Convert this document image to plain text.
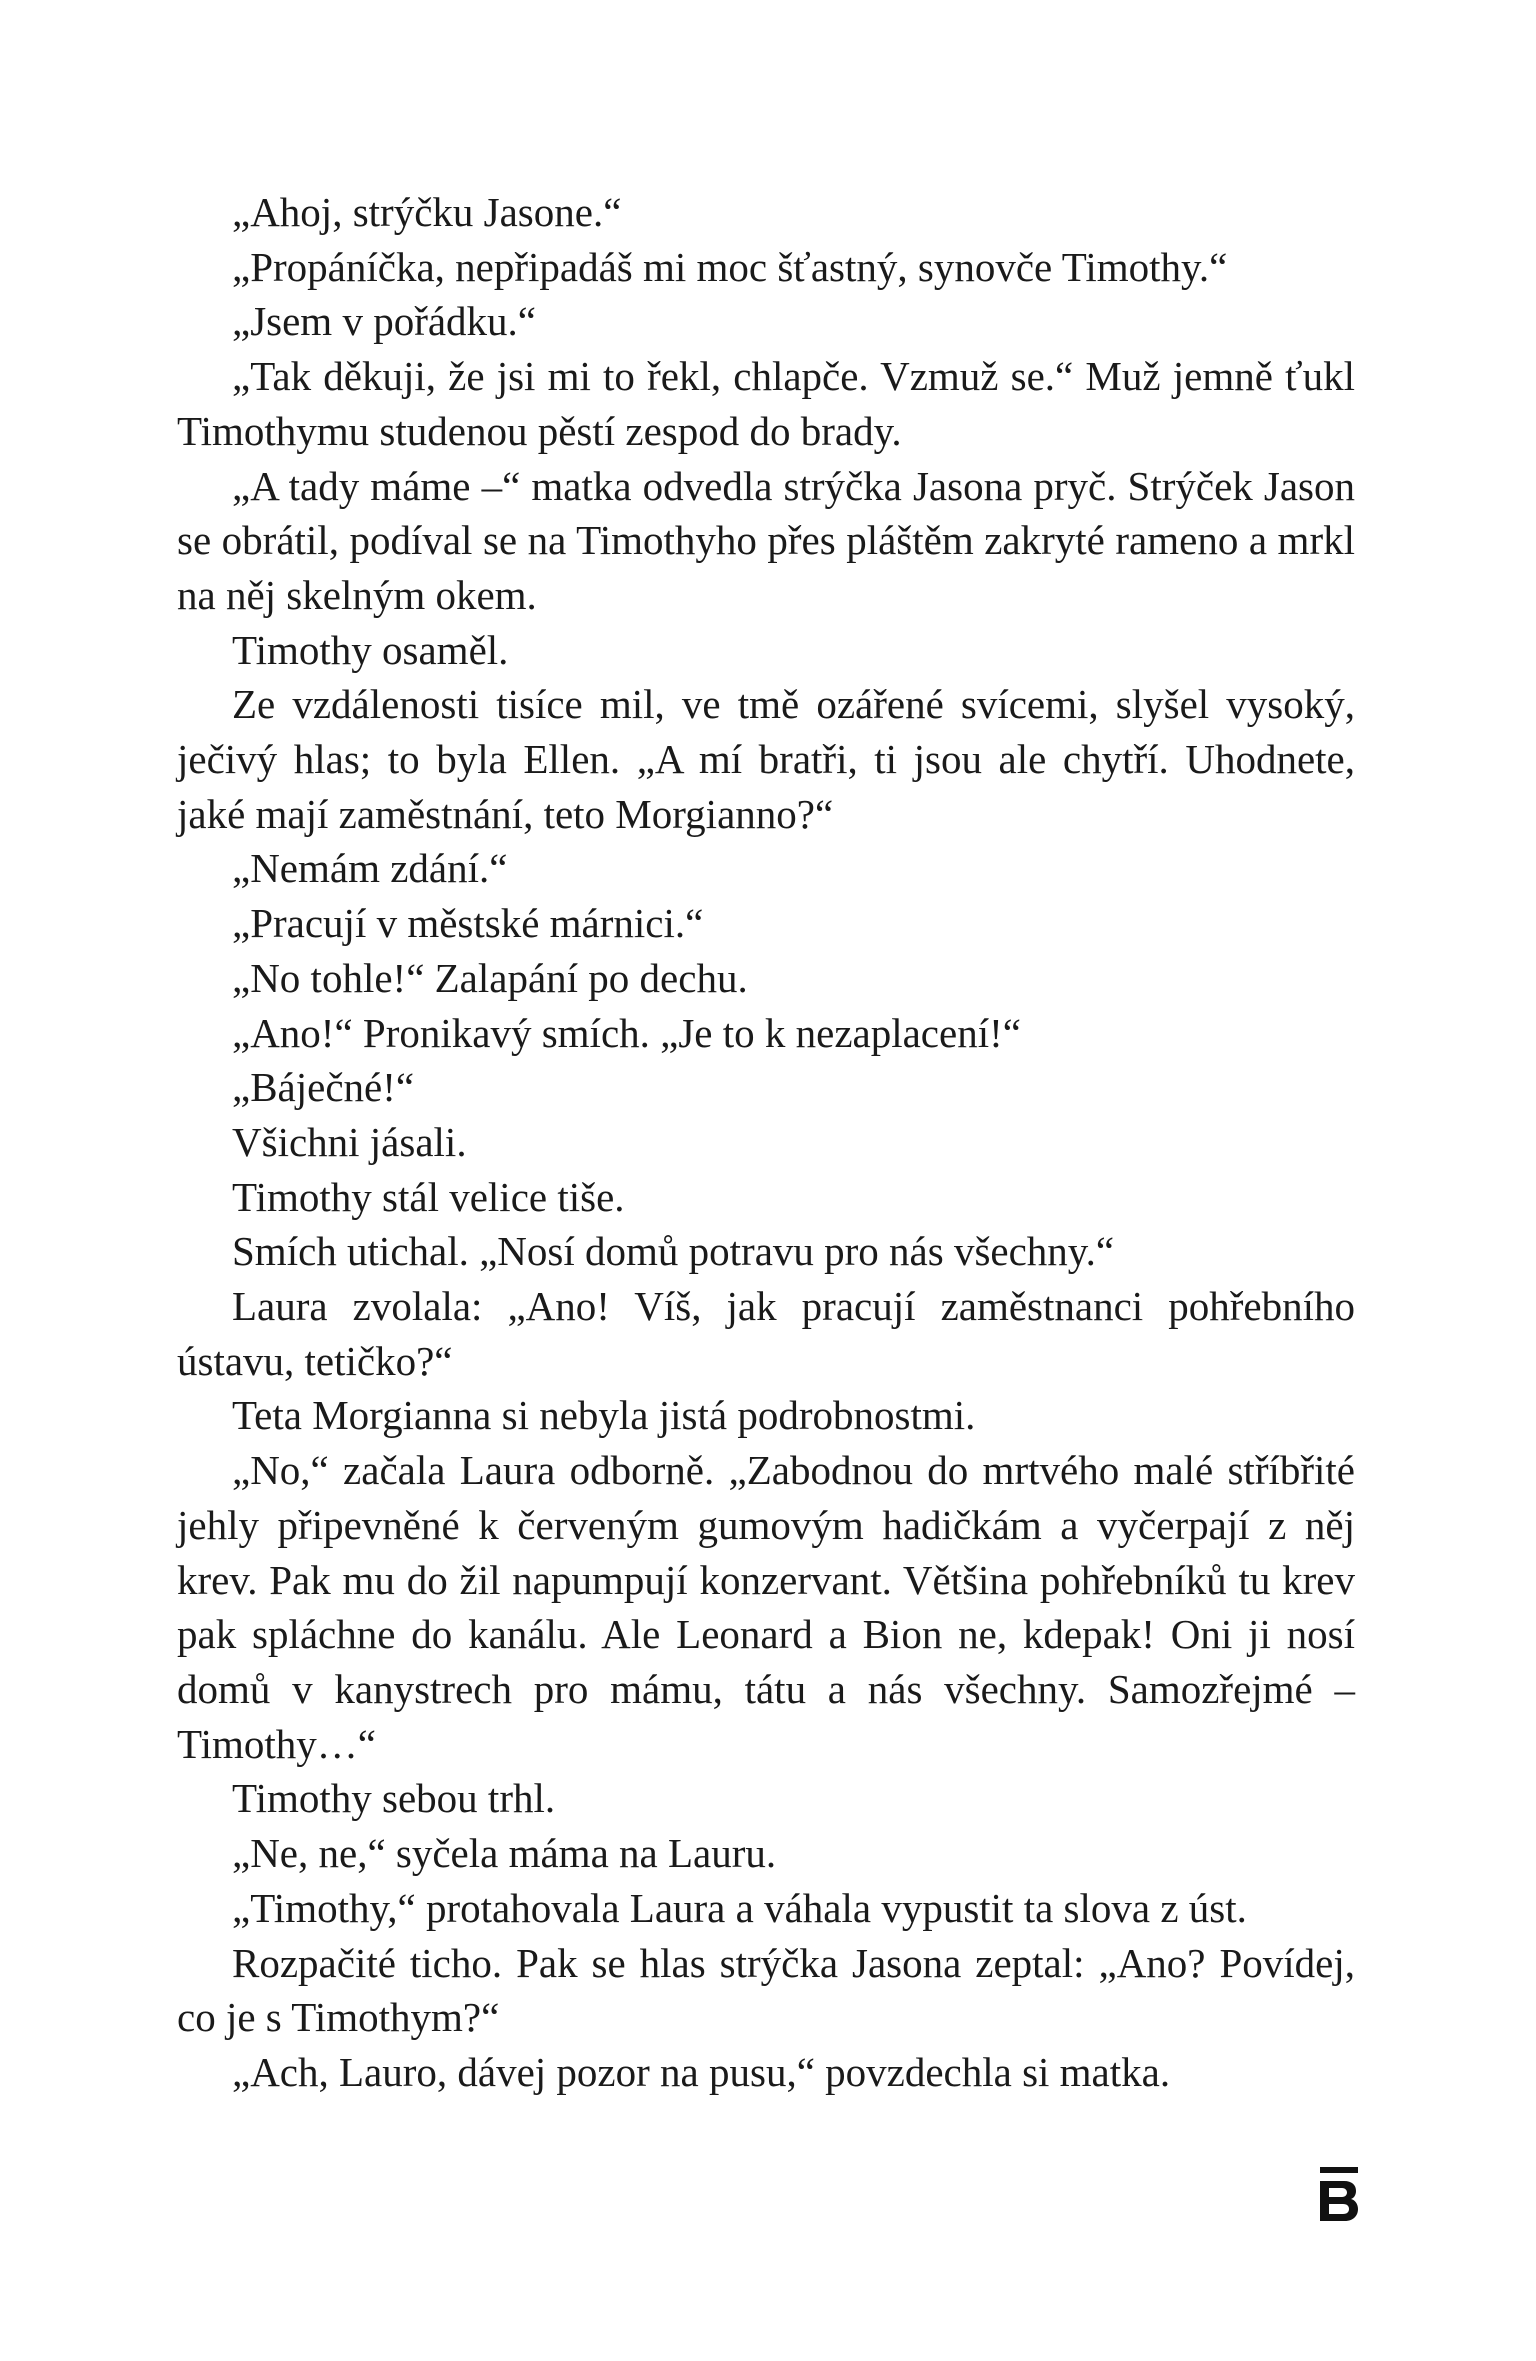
„Ahoj, strýčku Jasone.“

„Propáníčka, nepřipadáš mi moc šťastný, synovče Timothy.“

„Jsem v pořádku.“

„Tak děkuji, že jsi mi to řekl, chlapče. Vzmuž se.“ Muž jemně ťukl Timothymu studenou pěstí zespod do brady.

„A tady máme –“ matka odvedla strýčka Jasona pryč. Strýček Jason se obrátil, podíval se na Timothyho přes pláštěm zakryté rameno a mrkl na něj skelným okem.

Timothy osaměl.

Ze vzdálenosti tisíce mil, ve tmě ozářené svícemi, slyšel vysoký, ječivý hlas; to byla Ellen. „A mí bratři, ti jsou ale chytří. Uhodnete, jaké mají zaměstnání, teto Morgianno?“

„Nemám zdání.“

„Pracují v městské márnici.“

„No tohle!“ Zalapání po dechu.

„Ano!“ Pronikavý smích. „Je to k nezaplacení!“

„Báječné!“

Všichni jásali.

Timothy stál velice tiše.

Smích utichal. „Nosí domů potravu pro nás všechny.“

Laura zvolala: „Ano! Víš, jak pracují zaměstnanci pohřebního ústavu, tetičko?“

Teta Morgianna si nebyla jistá podrobnostmi.

„No,“ začala Laura odborně. „Zabodnou do mrtvého malé stříbřité jehly připevněné k červeným gumovým hadičkám a vyčerpají z něj krev. Pak mu do žil napumpují konzervant. Většina pohřebníků tu krev pak spláchne do kanálu. Ale Leonard a Bion ne, kdepak! Oni ji nosí domů v kanystrech pro mámu, tátu a nás všechny. Samozřejmé – Timothy…“

Timothy sebou trhl.

„Ne, ne,“ syčela máma na Lauru.

„Timothy,“ protahovala Laura a váhala vypustit ta slova z úst.

Rozpačité ticho. Pak se hlas strýčka Jasona zeptal: „Ano? Povídej, co je s Timothym?“

„Ach, Lauro, dávej pozor na pusu,“ povzdechla si matka.
